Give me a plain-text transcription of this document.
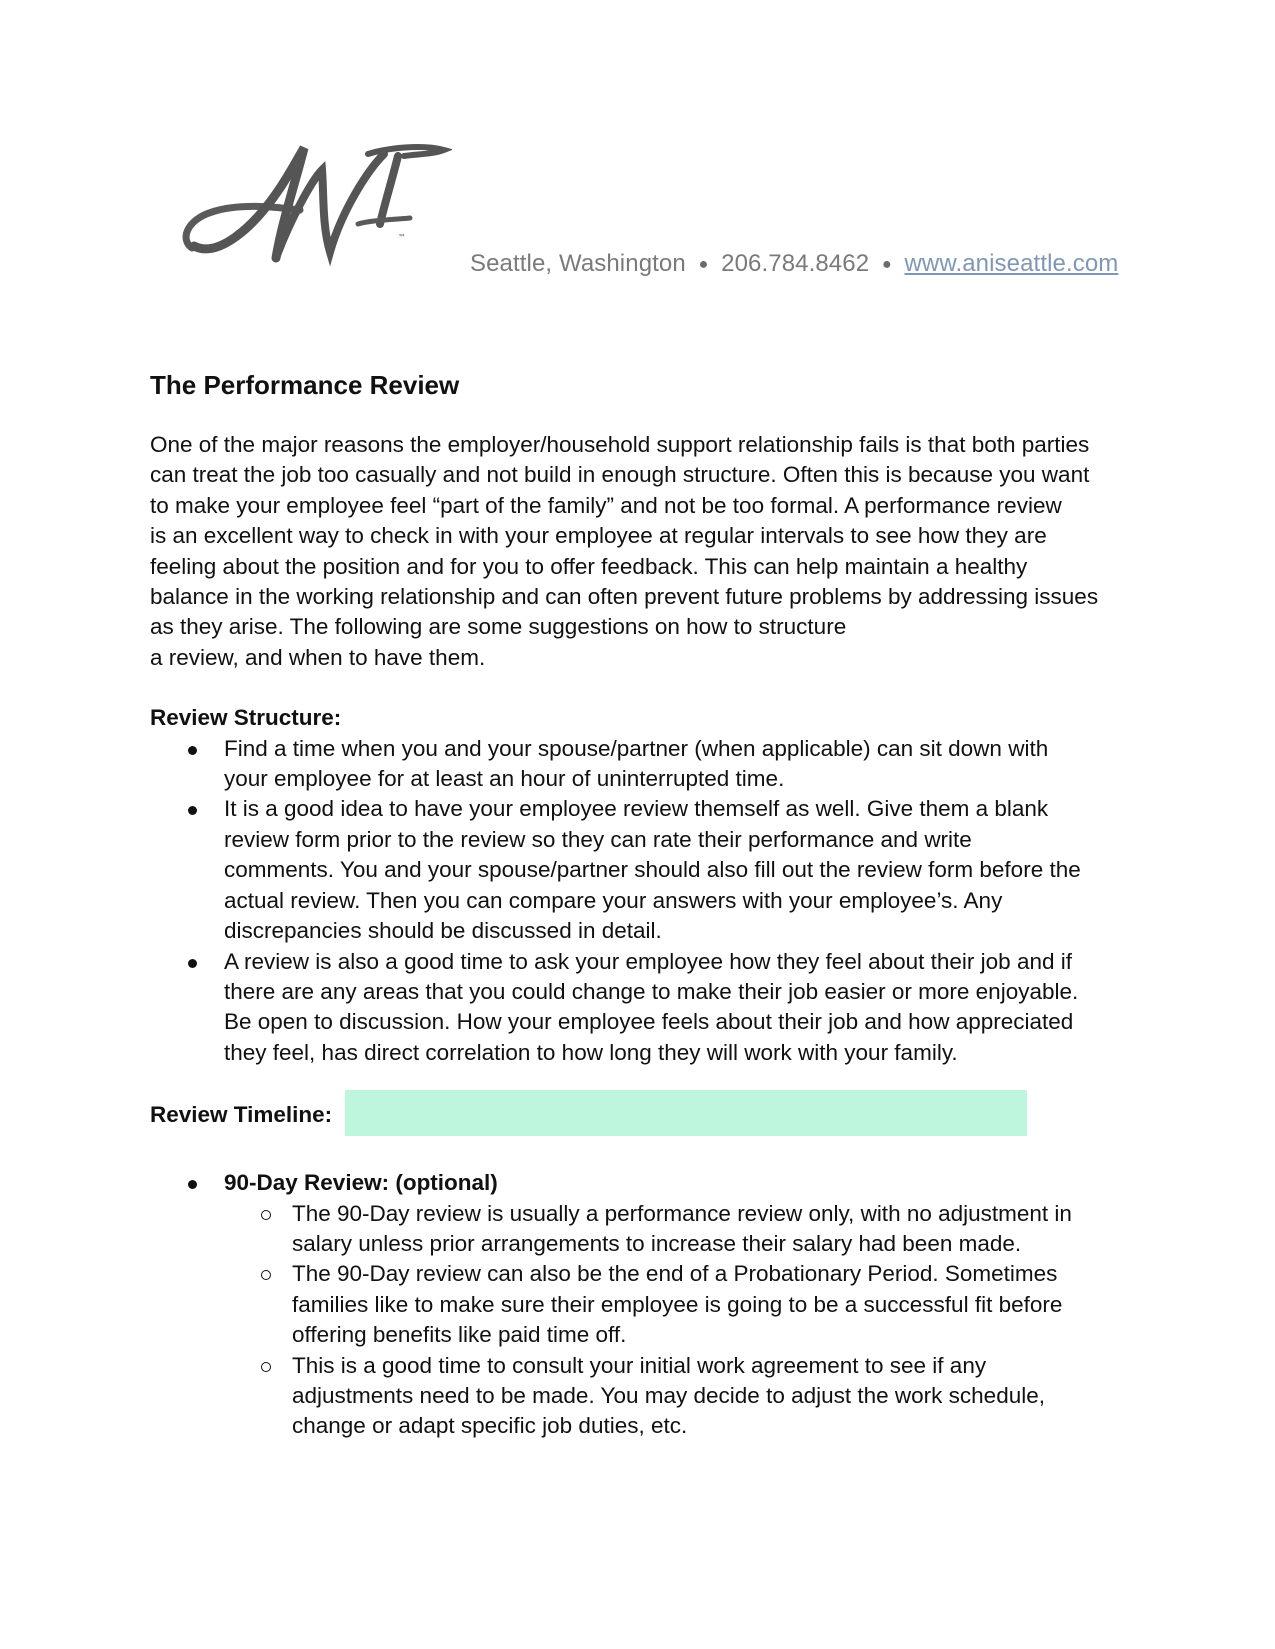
™
Seattle, Washington ● 206.784.8462 ● www.aniseattle.com
The Performance Review

One of the major reasons the employer/household support relationship fails is that both parties
can treat the job too casually and not build in enough structure. Often this is because you want
to make your employee feel “part of the family” and not be too formal. A performance review
is an excellent way to check in with your employee at regular intervals to see how they are
feeling about the position and for you to offer feedback. This can help maintain a healthy
balance in the working relationship and can often prevent future problems by addressing issues
as they arise. The following are some suggestions on how to structure
a review, and when to have them.

Review Structure:
Find a time when you and your spouse/partner (when applicable) can sit down with
your employee for at least an hour of uninterrupted time.
It is a good idea to have your employee review themself as well. Give them a blank
review form prior to the review so they can rate their performance and write
comments. You and your spouse/partner should also fill out the review form before the
actual review. Then you can compare your answers with your employee’s. Any
discrepancies should be discussed in detail.
A review is also a good time to ask your employee how they feel about their job and if
there are any areas that you could change to make their job easier or more enjoyable.
Be open to discussion. How your employee feels about their job and how appreciated
they feel, has direct correlation to how long they will work with your family.
Review Timeline:
90-Day Review: (optional)
The 90-Day review is usually a performance review only, with no adjustment in
salary unless prior arrangements to increase their salary had been made.
The 90-Day review can also be the end of a Probationary Period. Sometimes
families like to make sure their employee is going to be a successful fit before
offering benefits like paid time off.
This is a good time to consult your initial work agreement to see if any
adjustments need to be made. You may decide to adjust the work schedule,
change or adapt specific job duties, etc.
